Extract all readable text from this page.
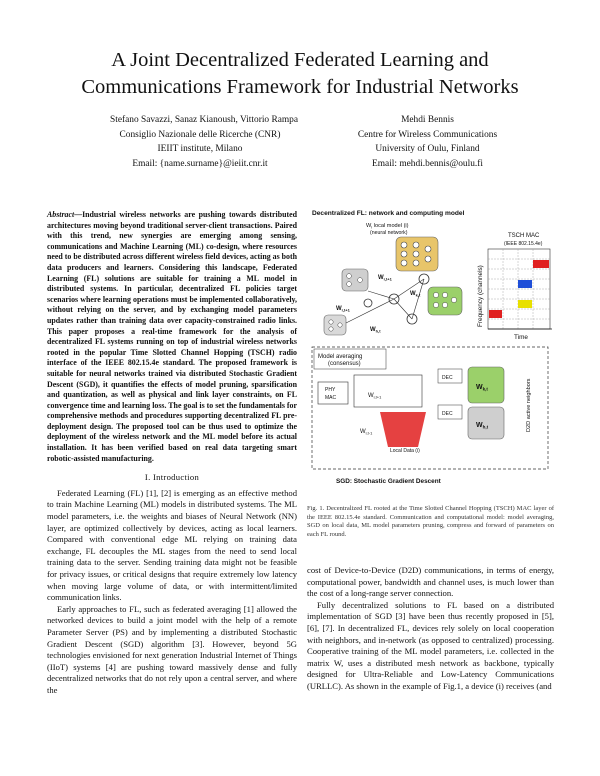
A Joint Decentralized Federated Learning and
Communications Framework for Industrial Networks
Stefano Savazzi, Sanaz Kianoush, Vittorio Rampa
Consiglio Nazionale delle Ricerche (CNR)
IEIIT institute, Milano
Email: {name.surname}@ieiit.cnr.it
Mehdi Bennis
Centre for Wireless Communications
University of Oulu, Finland
Email: mehdi.bennis@oulu.fi
Abstract—Industrial wireless networks are pushing towards distributed architectures moving beyond traditional server-client transactions. Paired with this trend, new synergies are emerging among sensing, communications and Machine Learning (ML) co-design, where resources need to be distributed across different wireless field devices, acting as both data producers and learners. Considering this landscape, Federated Learning (FL) solutions are suitable for training a ML model in distributed systems. In particular, decentralized FL policies target scenarios where learning operations must be implemented collaboratively, without relying on the server, and by exchanging model parameters updates rather than training data over capacity-constrained radio links. This paper proposes a real-time framework for the analysis of decentralized FL systems running on top of industrial wireless networks rooted in the popular Time Slotted Channel Hopping (TSCH) radio interface of the IEEE 802.15.4e standard. The proposed framework is suitable for neural networks trained via distributed Stochastic Gradient Descent (SGD), it quantifies the effects of model pruning, sparsification and quantization, as well as physical and link layer constraints, on FL convergence time and learning loss. The goal is to set the fundamentals for comprehensive methods and procedures supporting decentralized FL pre-deployment design. The proposed tool can be thus used to optimize the deployment of the wireless network and the ML model before its actual installation. It has been verified based on real data targeting smart robotic-assisted manufacturing.
I. Introduction

Federated Learning (FL) [1], [2] is emerging as an effective method to train Machine Learning (ML) models in distributed systems. The ML model parameters, i.e. the weights and biases of Neural Network (NN) layer, are optimized collectively by devices, acting as local learners. Compared with conventional edge ML relying on training data exchange, FL decouples the ML stages from the need to send local training data to the server. Sending training data might not be feasible for privacy issues, or critical designs that require extremely low latency when moving large volume of data, or with intermittent/limited communication links.

Early approaches to FL, such as federated averaging [1] allowed the networked devices to build a joint model with the help of a remote Parameter Server (PS) and by implementing a distributed Stochastic Gradient Descent (SGD) algorithm [3]. However, beyond 5G technologies envisioned for next generation Industrial Internet of Things (IIoT) systems [4] are pushing toward massively dense and fully decentralized networks that do not rely upon a central server, and where the

Decentralized FL: network and computing model
$W_i$ local model (i)
(neural network)
$W_{i,t+1}$
$W_{k,t}$
$W_{h,t}$
$W_{i,t+1}$
TSCH MAC
(IEEE 802.15.4e)
Frequency (channels)
Time
Model averaging
(consensus)
PHY
MAC	$W_{i,t+1}$
Local Data (i)
$W_{i,t-1}$
DEC
DEC
$W_{k,t}$
$W_{h,t}$	D2D active neighbors
SGD: Stochastic Gradient Descent
Fig. 1. Decentralized FL rooted at the Time Slotted Channel Hopping (TSCH) MAC layer of the IEEE 802.15.4e standard. Communication and computational model: model averaging, SGD on local data, ML model parameters pruning, compress and forward of parameters on each FL round.

cost of Device-to-Device (D2D) communications, in terms of energy, computational power, bandwidth and channel uses, is much lower than the cost of a long-range server connection.

Fully decentralized solutions to FL based on a distributed implementation of SGD [3] have been thus recently proposed in [5], [6], [7]. In decentralized FL, devices rely solely on local cooperation with neighbors, and in-network (as opposed to centralized) processing. Cooperative training of the ML model parameters, i.e. collected in the matrix W, uses a distributed mesh network as backbone, typically designed for Ultra-Reliable and Low-Latency Communications (URLLC). As shown in the example of Fig.1, a device (i) receives (and
